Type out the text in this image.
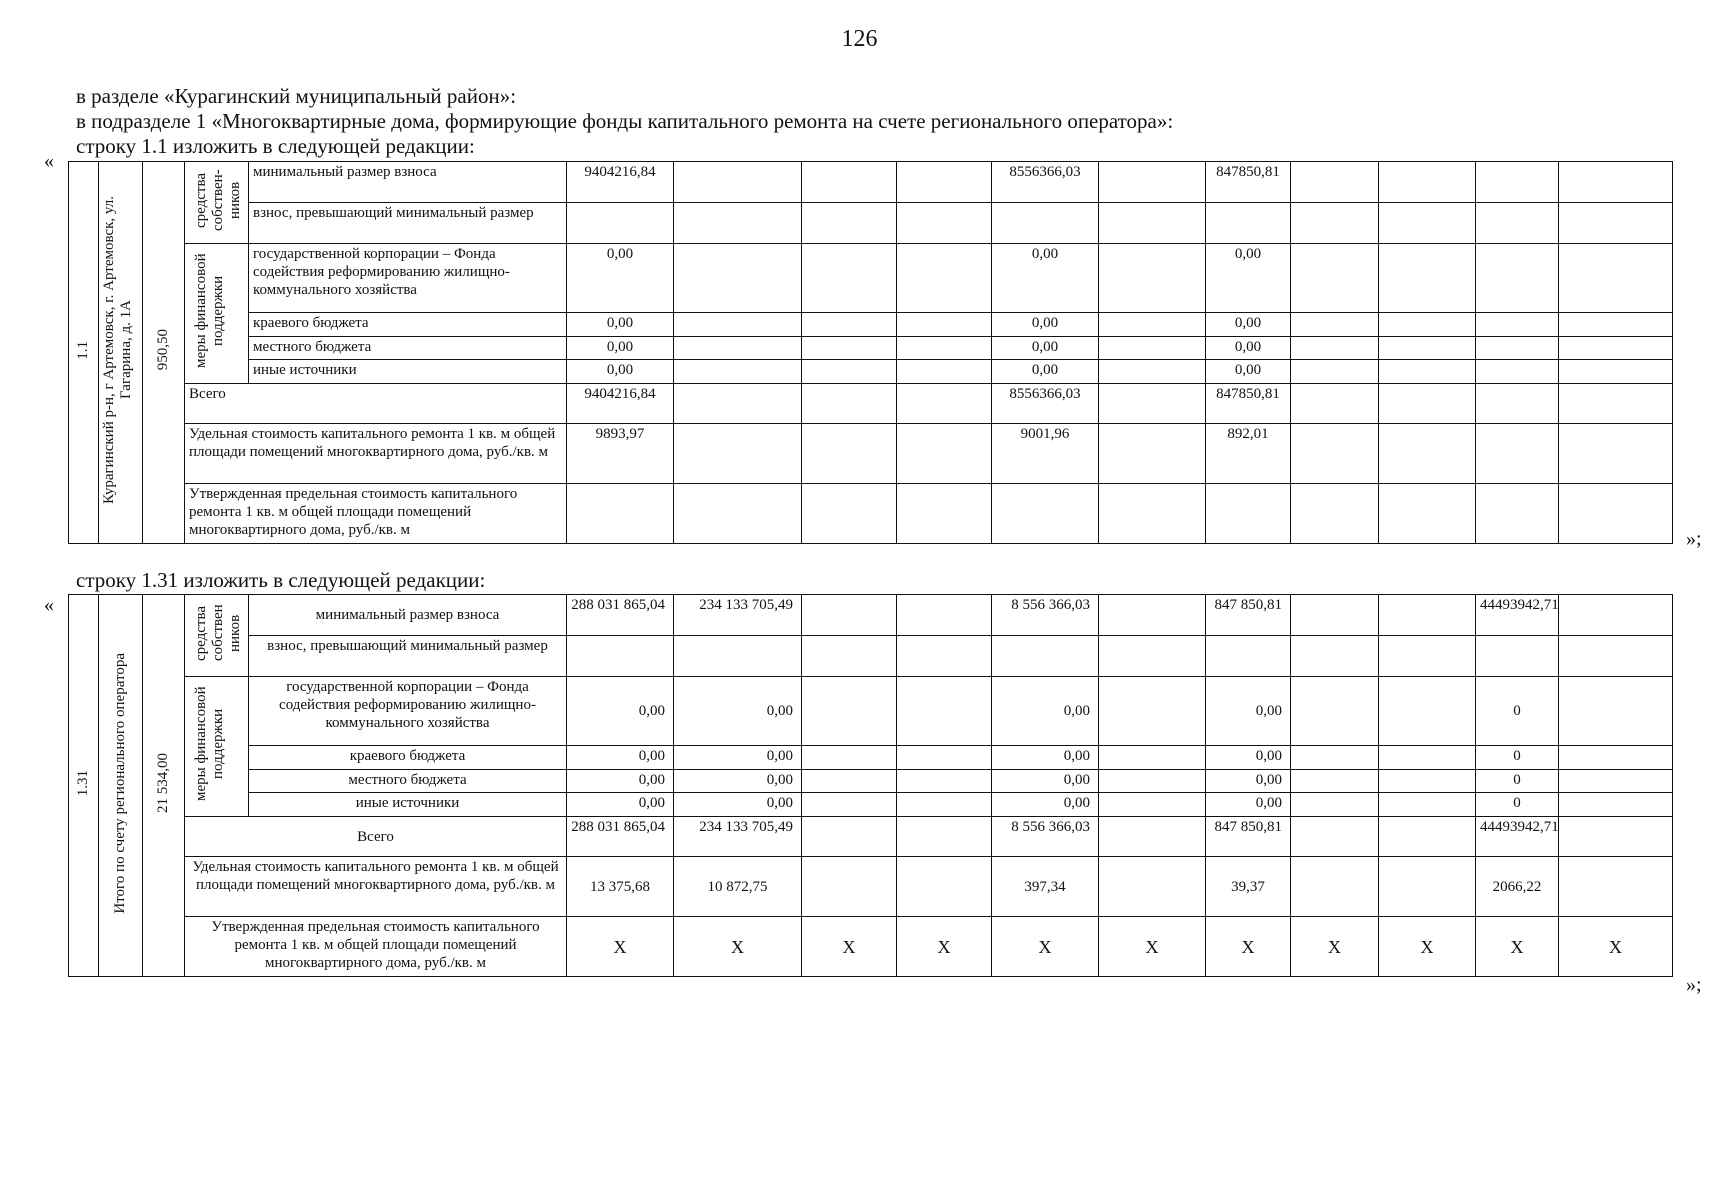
126
в разделе «Курагинский муниципальный район»:
в подразделе 1 «Многоквартирные дома, формирующие фонды капитального ремонта на счете регионального оператора»:
строку 1.1 изложить в следующей редакции:
«
1.1	Курагинский р-н, г Артемовск, г. Артемовск, ул. Гагарина, д. 1А	950,50	средства собствен-ников	минимальный размер взноса	9404216,84				8556366,03		847850,81				
				взнос, превышающий минимальный размер											
			меры финансовой поддержки	государственной корпорации – Фонда содействия реформированию жилищно-коммунального хозяйства	0,00				0,00		0,00				
				краевого бюджета	0,00				0,00		0,00				
				местного бюджета	0,00				0,00		0,00				
				иные источники	0,00				0,00		0,00				
			Всего		9404216,84				8556366,03		847850,81				
			Удельная стоимость капитального ремонта 1 кв. м общей площади помещений многоквартирного дома, руб./кв. м		9893,97				9001,96		892,01				
			Утвержденная предельная стоимость капитального ремонта 1 кв. м общей площади помещений многоквартирного дома, руб./кв. м													»;
строку 1.31 изложить в следующей редакции:
«
1.31	Итого по счету регионального оператора	21 534,00	средства собствен ников	минимальный размер взноса	288 031 865,04	234 133 705,49			8 556 366,03		847 850,81			44493942,71	
				взнос, превышающий минимальный размер											
			меры финансовой поддержки	государственной корпорации – Фонда содействия реформированию жилищно-коммунального хозяйства	0,00	0,00			0,00		0,00			0	
				краевого бюджета	0,00	0,00			0,00		0,00			0	
				местного бюджета	0,00	0,00			0,00		0,00			0	
				иные источники	0,00	0,00			0,00		0,00			0	
			Всего		288 031 865,04	234 133 705,49			8 556 366,03		847 850,81			44493942,71	
			Удельная стоимость капитального ремонта 1 кв. м общей площади помещений многоквартирного дома, руб./кв. м		13 375,68	10 872,75			397,34		39,37			2066,22	
			Утвержденная предельная стоимость капитального ремонта 1 кв. м общей площади помещений многоквартирного дома, руб./кв. м		Х	Х	Х	Х	Х	Х	Х	Х	Х	Х	Х
»;
